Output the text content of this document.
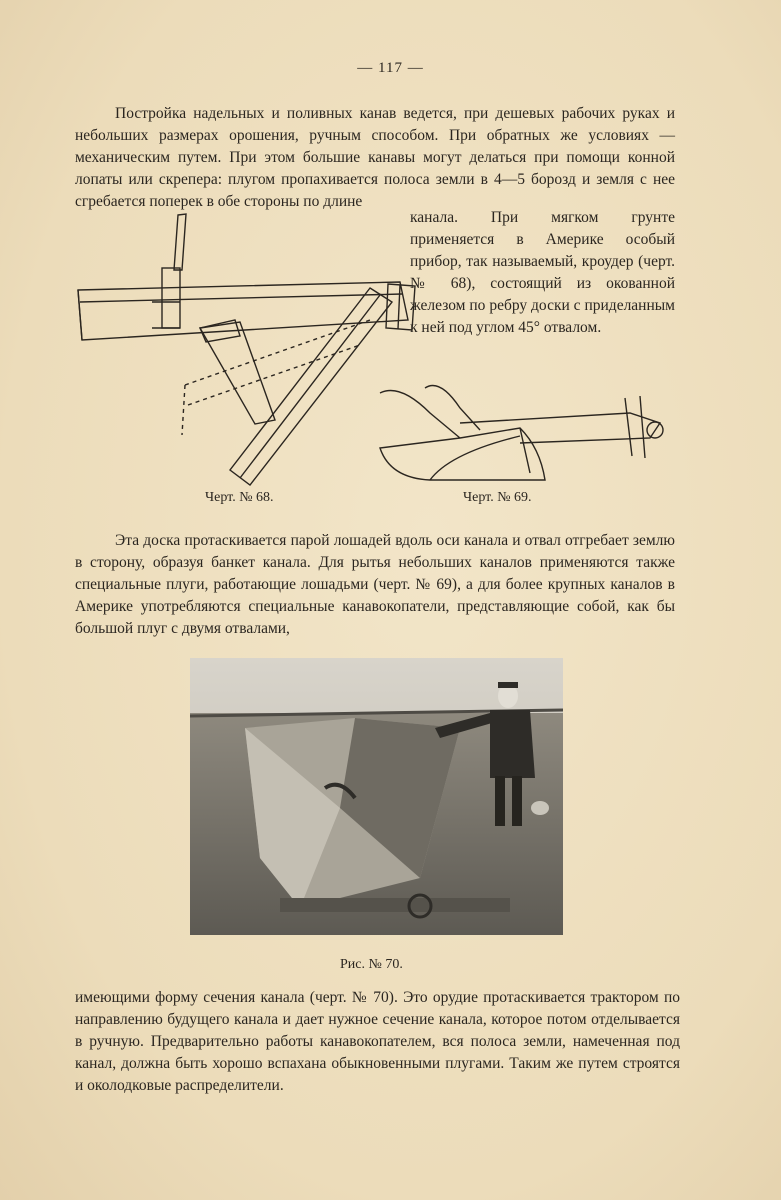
— 117 —

Постройка надельных и поливных канав ведется, при дешевых рабочих руках и небольших размерах орошения, ручным способом. При обратных же условиях — механическим путем. При этом большие канавы могут делаться при помощи конной лопаты или скрепера: плугом пропахивается полоса земли в 4—5 борозд и земля с нее сгребается поперек в обе стороны по длине

канала. При мягком грунте применяется в Америке особый прибор, так называемый, кроудер (черт. № 68), состоящий из окованной железом по ребру доски с приделанным к ней под углом 45° отвалом.

Черт. № 68.	Черт. № 69.

Эта доска протаскивается парой лошадей вдоль оси канала и отвал отгребает землю в сторону, образуя банкет канала. Для рытья небольших каналов применяются также специальные плуги, работающие лошадьми (черт. № 69), а для более крупных каналов в Америке употребляются специальные канавокопатели, представляющие собой, как бы большой плуг с двумя отвалами,

Рис. № 70.

имеющими форму сечения канала (черт. № 70). Это орудие протаскивается трактором по направлению будущего канала и дает нужное сечение канала, которое потом отделывается в ручную. Предварительно работы канавокопателем, вся полоса земли, намеченная под канал, должна быть хорошо вспахана обыкновенными плугами. Таким же путем строятся и околодковые распределители.
